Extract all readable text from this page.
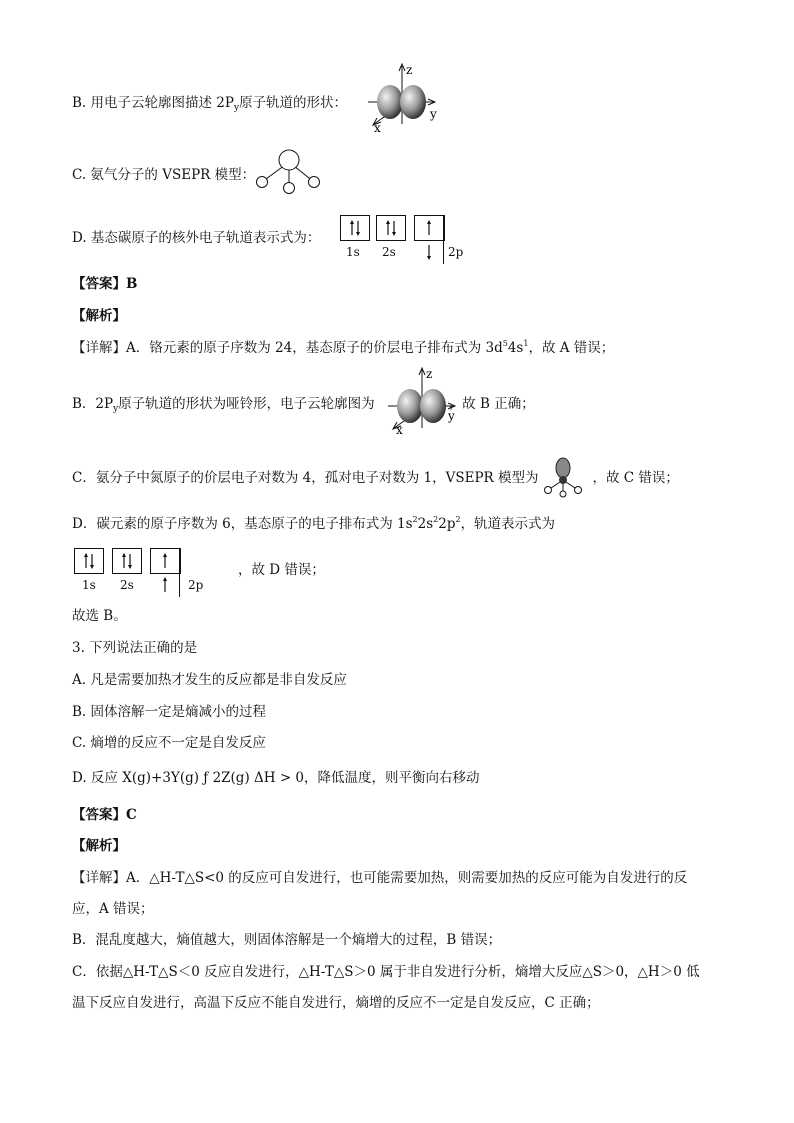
B. 用电子云轮廓图描述 $2P_y$原子轨道的形状：
z
y
x
C. 氨气分子的 VSEPR 模型：
D. 基态碳原子的核外电子轨道表示式为：
1s 2s	2p
【答案】B
【解析】
【详解】A．铬元素的原子序数为 24，基态原子的价层电子排布式为 $3d^54s^1$，故 A 错误；
B．$2P_y$原子轨道的形状为哑铃形，电子云轮廓图为	，故 B 正确；
z
y
x
C．氨分子中氮原子的价层电子对数为 4，孤对电子对数为 1，VSEPR 模型为	，故 C 错误；
D．碳元素的原子序数为 6，基态原子的电子排布式为 $1s^22s^22p^2$，轨道表示式为
1s 2s	2p
，故 D 错误；
故选 B。
3. 下列说法正确的是
A. 凡是需要加热才发生的反应都是非自发反应
B. 固体溶解一定是熵减小的过程
C. 熵增的反应不一定是自发反应
D. 反应 X(g)+3Y(g) ƒ 2Z(g) ΔH > 0，降低温度，则平衡向右移动
【答案】C
【解析】
【详解】A．△H-T△S<0 的反应可自发进行，也可能需要加热，则需要加热的反应可能为自发进行的反
应，A 错误；
B．混乱度越大，熵值越大，则固体溶解是一个熵增大的过程，B 错误；
C．依据△H-T△S＜0 反应自发进行，△H-T△S＞0 属于非自发进行分析，熵增大反应△S＞0，△H＞0 低
温下反应自发进行，高温下反应不能自发进行，熵增的反应不一定是自发反应，C 正确；
